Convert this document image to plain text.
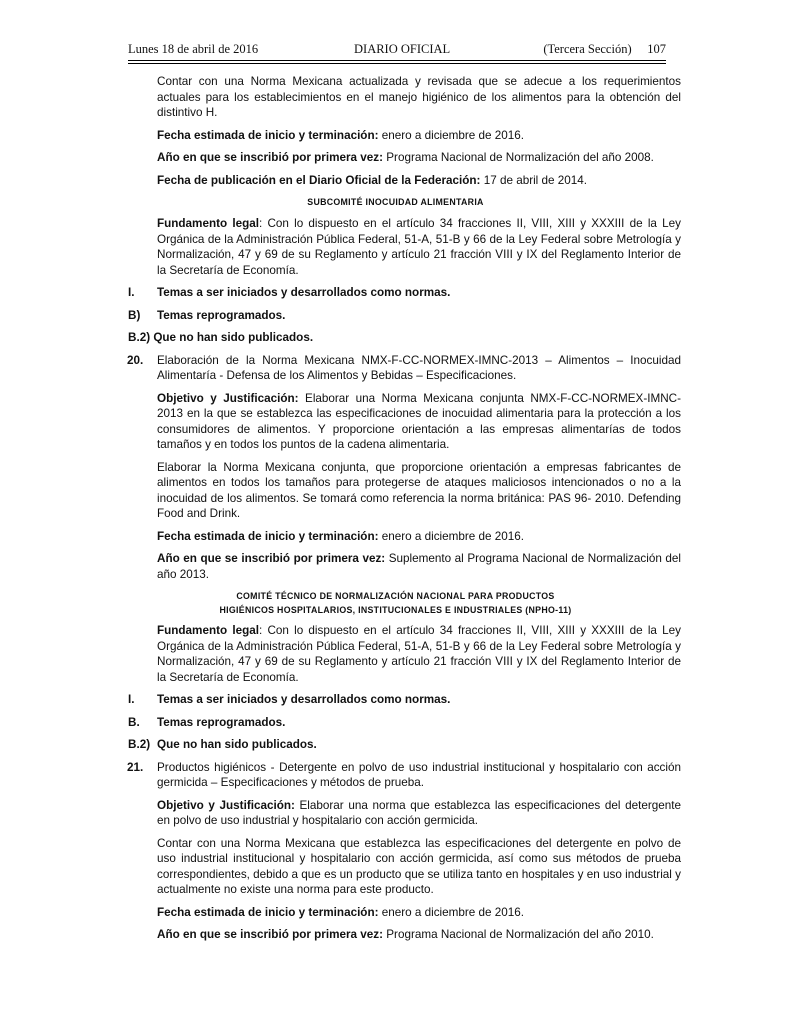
Lunes 18 de abril de 2016	DIARIO OFICIAL	(Tercera Sección) 107

Contar con una Norma Mexicana actualizada y revisada que se adecue a los requerimientos actuales para los establecimientos en el manejo higiénico de los alimentos para la obtención del distintivo H.

Fecha estimada de inicio y terminación: enero a diciembre de 2016.

Año en que se inscribió por primera vez: Programa Nacional de Normalización del año 2008.

Fecha de publicación en el Diario Oficial de la Federación: 17 de abril de 2014.

SUBCOMITÉ INOCUIDAD ALIMENTARIA

Fundamento legal: Con lo dispuesto en el artículo 34 fracciones II, VIII, XIII y XXXIII de la Ley Orgánica de la Administración Pública Federal, 51-A, 51-B y 66 de la Ley Federal sobre Metrología y Normalización, 47 y 69 de su Reglamento y artículo 21 fracción VIII y IX del Reglamento Interior de la Secretaría de Economía.

I. Temas a ser iniciados y desarrollados como normas.
B) Temas reprogramados.
B.2) Que no han sido publicados.

20. Elaboración de la Norma Mexicana NMX-F-CC-NORMEX-IMNC-2013 – Alimentos – Inocuidad Alimentaría - Defensa de los Alimentos y Bebidas – Especificaciones.

Objetivo y Justificación: Elaborar una Norma Mexicana conjunta NMX-F-CC-NORMEX-IMNC-2013 en la que se establezca las especificaciones de inocuidad alimentaria para la protección a los consumidores de alimentos. Y proporcione orientación a las empresas alimentarías de todos tamaños y en todos los puntos de la cadena alimentaria.

Elaborar la Norma Mexicana conjunta, que proporcione orientación a empresas fabricantes de alimentos en todos los tamaños para protegerse de ataques maliciosos intencionados o no a la inocuidad de los alimentos. Se tomará como referencia la norma británica: PAS 96- 2010. Defending Food and Drink.

Fecha estimada de inicio y terminación: enero a diciembre de 2016.

Año en que se inscribió por primera vez: Suplemento al Programa Nacional de Normalización del año 2013.

COMITÉ TÉCNICO DE NORMALIZACIÓN NACIONAL PARA PRODUCTOS
HIGIÉNICOS HOSPITALARIOS, INSTITUCIONALES E INDUSTRIALES (NPHO-11)

Fundamento legal: Con lo dispuesto en el artículo 34 fracciones II, VIII, XIII y XXXIII de la Ley Orgánica de la Administración Pública Federal, 51-A, 51-B y 66 de la Ley Federal sobre Metrología y Normalización, 47 y 69 de su Reglamento y artículo 21 fracción VIII y IX del Reglamento Interior de la Secretaría de Economía.

I. Temas a ser iniciados y desarrollados como normas.
B. Temas reprogramados.
B.2) Que no han sido publicados.

21. Productos higiénicos - Detergente en polvo de uso industrial institucional y hospitalario con acción germicida – Especificaciones y métodos de prueba.

Objetivo y Justificación: Elaborar una norma que establezca las especificaciones del detergente en polvo de uso industrial y hospitalario con acción germicida.

Contar con una Norma Mexicana que establezca las especificaciones del detergente en polvo de uso industrial institucional y hospitalario con acción germicida, así como sus métodos de prueba correspondientes, debido a que es un producto que se utiliza tanto en hospitales y en uso industrial y actualmente no existe una norma para este producto.

Fecha estimada de inicio y terminación: enero a diciembre de 2016.

Año en que se inscribió por primera vez: Programa Nacional de Normalización del año 2010.
